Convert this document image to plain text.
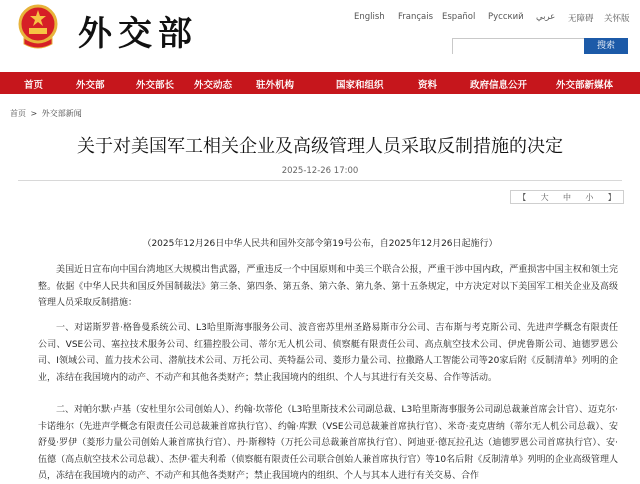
外交部	English Français Español Русский عربي 无障碍 关怀版
搜索
首页	外交部	外交部长 外交动态	驻外机构	国家和组织	资料	政府信息公开	外交部新媒体
首页 > 外交部新闻
关于对美国军工相关企业及高级管理人员采取反制措施的决定
2025-12-26 17:00
【 大 中 小 】
（2025年12月26日中华人民共和国外交部令第19号公布，自2025年12月26日起施行）
美国近日宣布向中国台湾地区大规模出售武器，严重违反一个中国原则和中美三个联合公报，严重干涉中国内政，严重损害中国主权和领土完整。依据《中华人民共和国反外国制裁法》第三条、第四条、第五条、第六条、第九条、第十五条规定，中方决定对以下美国军工相关企业及高级管理人员采取反制措施：
一、对诺斯罗普·格鲁曼系统公司、L3哈里斯海事服务公司、波音密苏里州圣路易斯市分公司、吉布斯与考克斯公司、先进声学概念有限责任公司、VSE公司、塞拉技术服务公司、红猫控股公司、蒂尔无人机公司、侦察艇有限责任公司、高点航空技术公司、伊虎鲁斯公司、迪德罗恩公司、I领域公司、蓝力技术公司、潜航技术公司、万托公司、英特磊公司、菱形力量公司、拉撒路人工智能公司等20家后附《反制清单》列明的企业，冻结在我国境内的动产、不动产和其他各类财产；禁止我国境内的组织、个人与其进行有关交易、合作等活动。
二、对帕尔默·卢基（安杜里尔公司创始人）、约翰·坎蒂伦（L3哈里斯技术公司副总裁、L3哈里斯海事服务公司副总裁兼首席会计官）、迈克尔·卡诺维尔（先进声学概念有限责任公司总裁兼首席执行官）、约翰·库默（VSE公司总裁兼首席执行官）、米奇·麦克唐纳（蒂尔无人机公司总裁）、安舒曼·罗伊（菱形力量公司创始人兼首席执行官）、丹·斯穆特（万托公司总裁兼首席执行官）、阿迪亚·德瓦拉孔达（迪德罗恩公司首席执行官）、安·伍德（高点航空技术公司总裁）、杰伊·霍夫利希（侦察艇有限责任公司联合创始人兼首席执行官）等10名后附《反制清单》列明的企业高级管理人员，冻结在我国境内的动产、不动产和其他各类财产；禁止我国境内的组织、个人与其本人进行有关交易、合作
